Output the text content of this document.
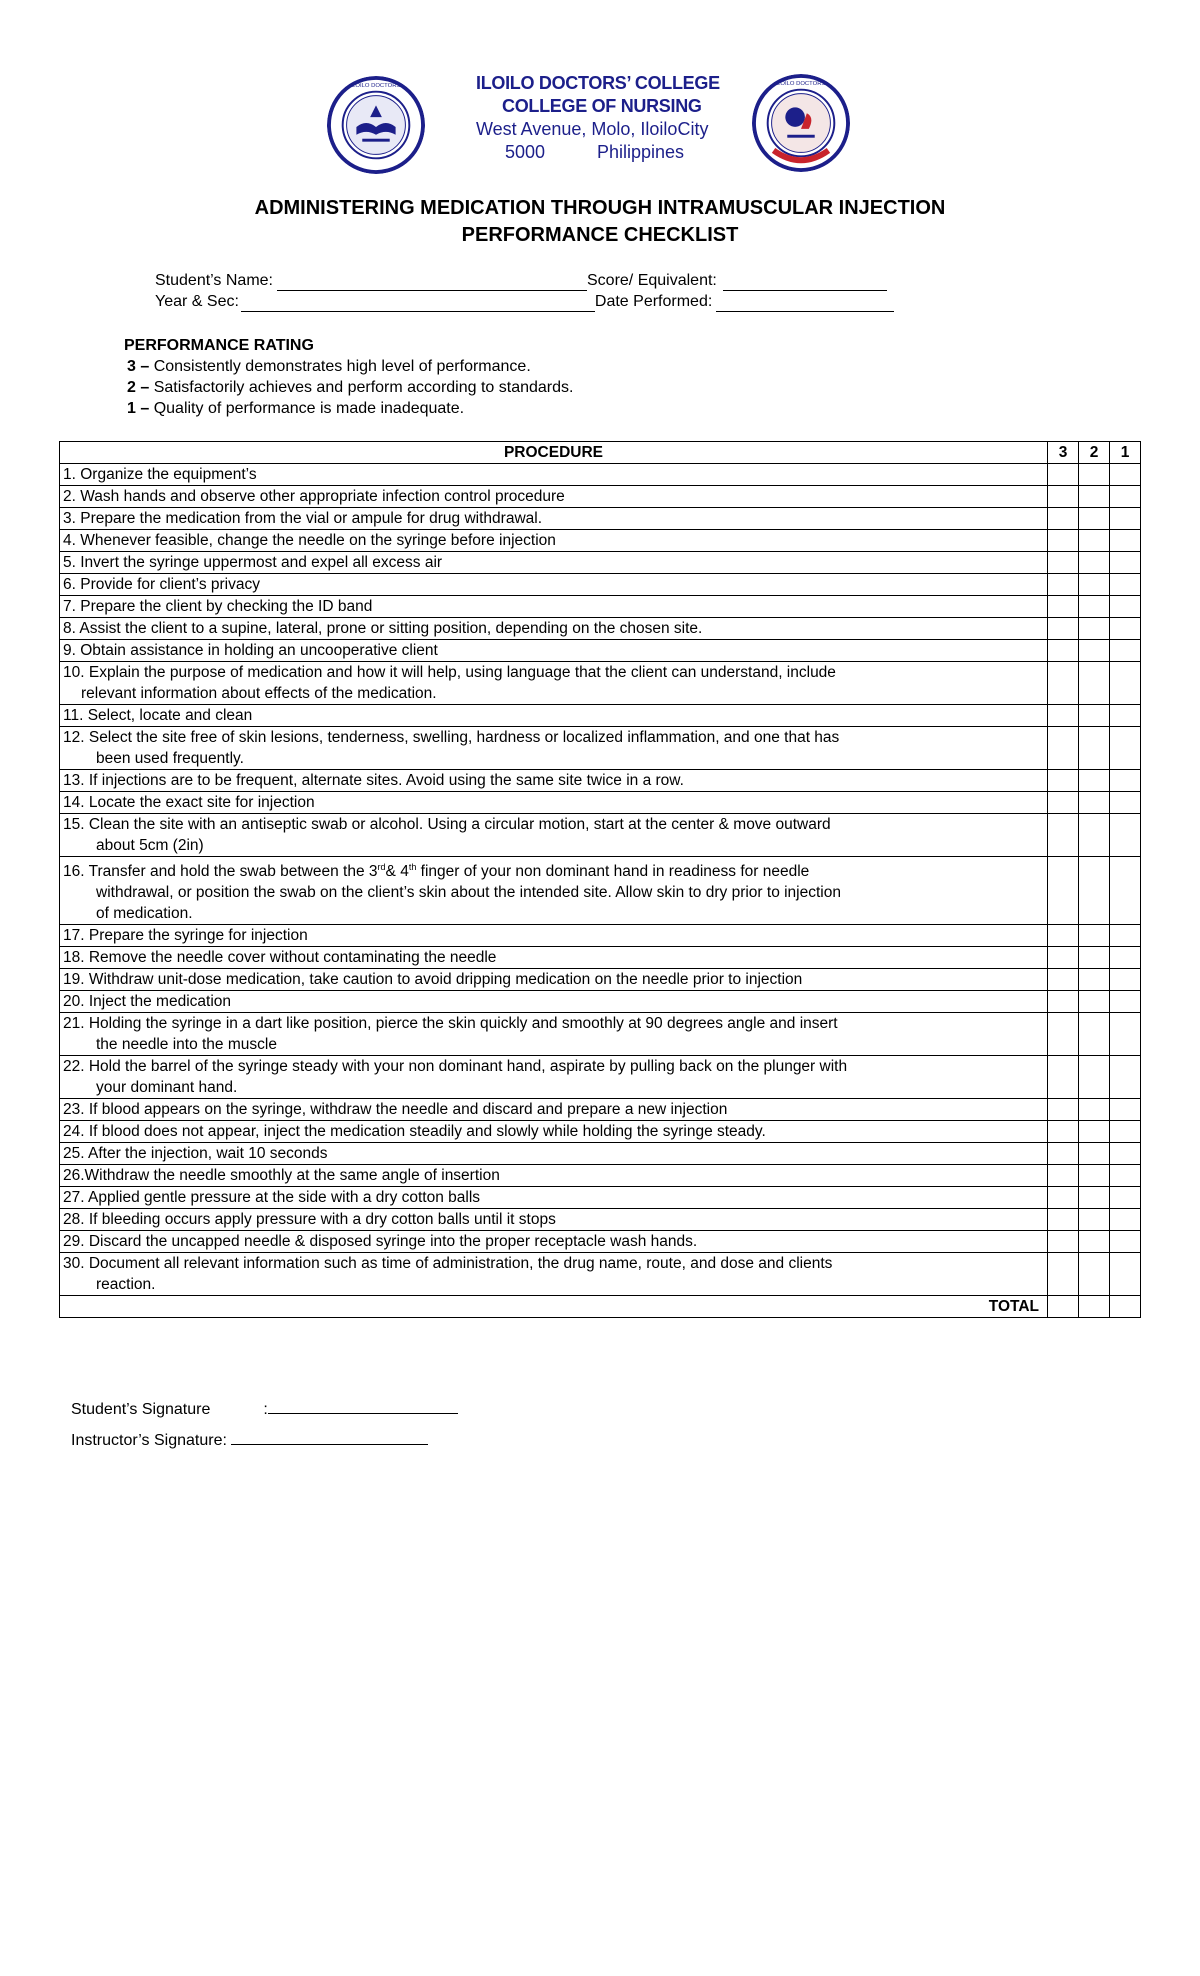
ILOILO DOCTORS'	ILOILO DOCTORS’ COLLEGE
COLLEGE OF NURSING
West Avenue, Molo, IloiloCity
5000	Philippines
ILOILO DOCTORS'
ADMINISTERING MEDICATION THROUGH INTRAMUSCULAR INJECTION
PERFORMANCE CHECKLIST
Student’s Name:	Score/ Equivalent:
Year & Sec:	Date Performed:
PERFORMANCE RATING
3 – Consistently demonstrates high level of performance.
2 – Satisfactorily achieves and perform according to standards.
1 – Quality of performance is made inadequate.
PROCEDURE	3	2	1

1. Organize the equipment’s			

2. Wash hands and observe other appropriate infection control procedure			

3. Prepare the medication from the vial or ampule for drug withdrawal.			

4. Whenever feasible, change the needle on the syringe before injection			

5. Invert the syringe uppermost and expel all excess air			

6. Provide for client’s privacy			

7. Prepare the client by checking the ID band			

8. Assist the client to a supine, lateral, prone or sitting position, depending on the chosen site.			

9. Obtain assistance in holding an uncooperative client			

10. Explain the purpose of medication and how it will help, using language that the client can understand, include
relevant information about effects of the medication.			

11. Select, locate and clean			

12. Select the site free of skin lesions, tenderness, swelling, hardness or localized inflammation, and one that has
been used frequently.			

13. If injections are to be frequent, alternate sites. Avoid using the same site twice in a row.			

14. Locate the exact site for injection			

15. Clean the site with an antiseptic swab or alcohol. Using a circular motion, start at the center & move outward
about 5cm (2in)			

16. Transfer and hold the swab between the 3rd& 4th finger of your non dominant hand in readiness for needle
withdrawal, or position the swab on the client’s skin about the intended site. Allow skin to dry prior to injection
of medication.			

17. Prepare the syringe for injection			

18. Remove the needle cover without contaminating the needle			

19. Withdraw unit-dose medication, take caution to avoid dripping medication on the needle prior to injection			

20. Inject the medication			

21. Holding the syringe in a dart like position, pierce the skin quickly and smoothly at 90 degrees angle and insert
the needle into the muscle			

22. Hold the barrel of the syringe steady with your non dominant hand, aspirate by pulling back on the plunger with
your dominant hand.			

23. If blood appears on the syringe, withdraw the needle and discard and prepare a new injection			

24. If blood does not appear, inject the medication steadily and slowly while holding the syringe steady.			

25. After the injection, wait 10 seconds			

26.Withdraw the needle smoothly at the same angle of insertion			

27. Applied gentle pressure at the side with a dry cotton balls			

28. If bleeding occurs apply pressure with a dry cotton balls until it stops			

29. Discard the uncapped needle & disposed syringe into the proper receptacle wash hands.			

30. Document all relevant information such as time of administration, the drug name, route, and dose and clients
reaction.			

TOTAL			
Student’s Signature	:
Instructor’s Signature:
